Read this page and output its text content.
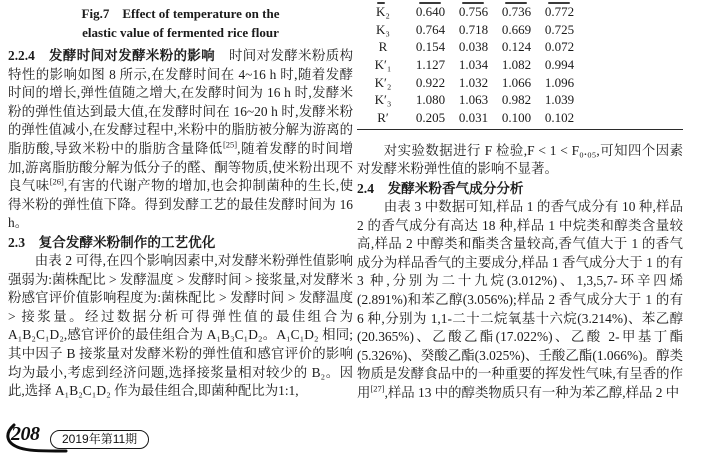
Fig.7　Effect of temperature on the
elastic value of fermented rice flour

2.2.4　发酵时间对发酵米粉的影响　时间对发酵米粉质构特性的影响如图 8 所示,在发酵时间在 4~16 h 时,随着发酵时间的增长,弹性值随之增大,在发酵时间为 16 h 时,发酵米粉的弹性值达到最大值,在发酵时间在 16~20 h 时,发酵米粉的弹性值减小,在发酵过程中,米粉中的脂肪被分解为游离的脂肪酸,导致米粉中的脂肪含量降低[25],随着发酵的时间增加,游离脂肪酸分解为低分子的醛、酮等物质,使米粉出现不良气味[26],有害的代谢产物的增加,也会抑制菌种的生长,使得米粉的弹性值下降。得到发酵工艺的最佳发酵时间为 16 h。

2.3　复合发酵米粉制作的工艺优化

由表 2 可得,在四个影响因素中,对发酵米粉弹性值影响强弱为:菌株配比 > 发酵温度 > 发酵时间 > 接浆量,对发酵米粉感官评价值影响程度为:菌株配比 > 发酵时间 > 发酵温度 > 接浆量。经过数据分析可得弹性值的最佳组合为 A₁B₂C₁D₂,感官评价的最佳组合为 A₁B₃C₁D₂。A₁C₁D₂ 相同;其中因子 B 接浆量对发酵米粉的弹性值和感官评价的影响均为最小,考虑到经济问题,选择接浆量相对较少的 B₂。因此,选择 A₁B₂C₁D₂ 作为最佳组合,即菌种配比为1:1,

K₂	0.640	0.756	0.736	0.772
K₃	0.764	0.718	0.669	0.725
R	0.154	0.038	0.124	0.072
K′₁	1.127	1.034	1.082	0.994
K′₂	0.922	1.032	1.066	1.096
K′₃	1.080	1.063	0.982	1.039
R′	0.205	0.031	0.100	0.102

对实验数据进行 F 检验,F < 1 < F₀.₀₅,可知四个因素对发酵米粉弹性值的影响不显著。

2.4　发酵米粉香气成分分析

由表 3 中数据可知,样品 1 的香气成分有 10 种,样品 2 的香气成分有高达 18 种,样品 1 中烷类和醇类含量较高,样品 2 中醇类和酯类含量较高,香气值大于 1 的香气成分为样品香气的主要成分,样品 1 香气成分大于 1 的有 3 种,分别为二十九烷(3.012%)、1,3,5,7-环辛四烯(2.891%)和苯乙醇(3.056%);样品 2 香气成分大于 1 的有 6 种,分别为 1,1-二十二烷氧基十六烷(3.214%)、苯乙醇(20.365%)、乙酸乙酯(17.022%)、乙酸 2-甲基丁酯(5.326%)、癸酸乙酯(3.025%)、壬酸乙酯(1.066%)。醇类物质是发酵食品中的一种重要的挥发性气味,有呈香的作用[27],样品 13 中的醇类物质只有一种为苯乙醇,样品 2 中

208	2019年第11期
